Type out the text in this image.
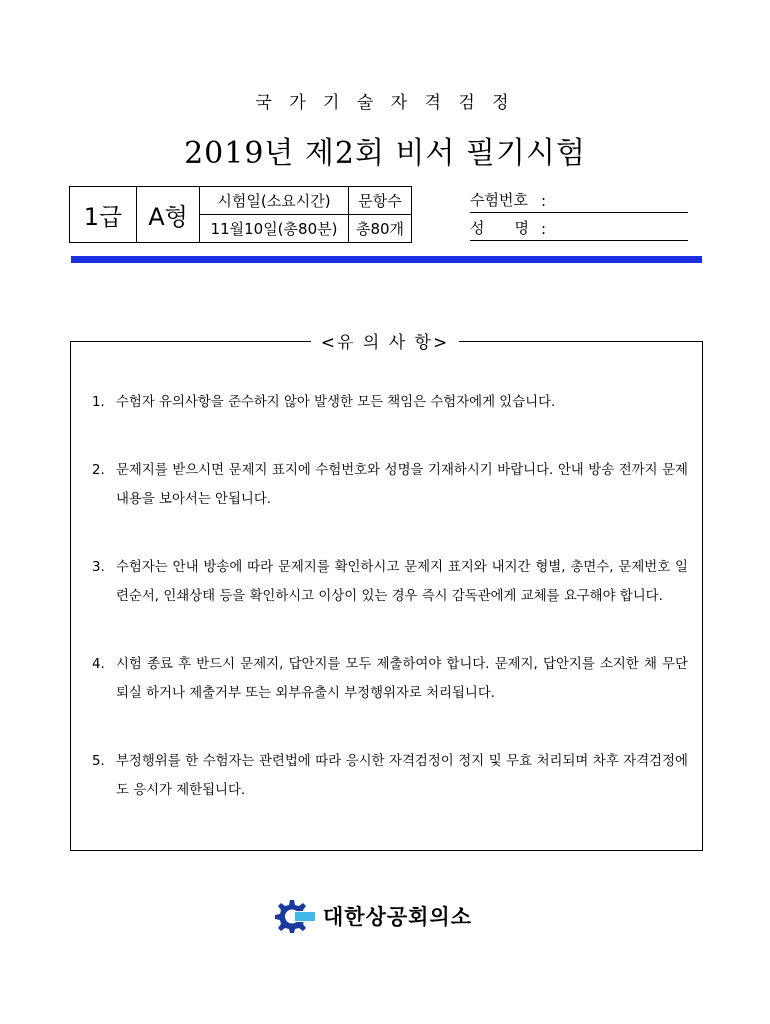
국 가 기 술 자 격 검 정
2019년 제2회 비서 필기시험
1급	A형	시험일(소요시간)	문항수
		11월10일(총80분)	총80개
수험번호 :
성　　명 :
<유 의 사 항>
1. 수험자 유의사항을 준수하지 않아 발생한 모든 책임은 수험자에게 있습니다.
2. 문제지를 받으시면 문제지 표지에 수험번호와 성명을 기재하시기 바랍니다. 안내 방송 전까지 문제내용을 보아서는 안됩니다.
3. 수험자는 안내 방송에 따라 문제지를 확인하시고 문제지 표지와 내지간 형별, 총면수, 문제번호 일련순서, 인쇄상태 등을 확인하시고 이상이 있는 경우 즉시 감독관에게 교체를 요구해야 합니다.
4. 시험 종료 후 반드시 문제지, 답안지를 모두 제출하여야 합니다. 문제지, 답안지를 소지한 채 무단퇴실 하거나 제출거부 또는 외부유출시 부정행위자로 처리됩니다.
5. 부정행위를 한 수험자는 관련법에 따라 응시한 자격검정이 정지 및 무효 처리되며 차후 자격검정에도 응시가 제한됩니다.
대한상공회의소
